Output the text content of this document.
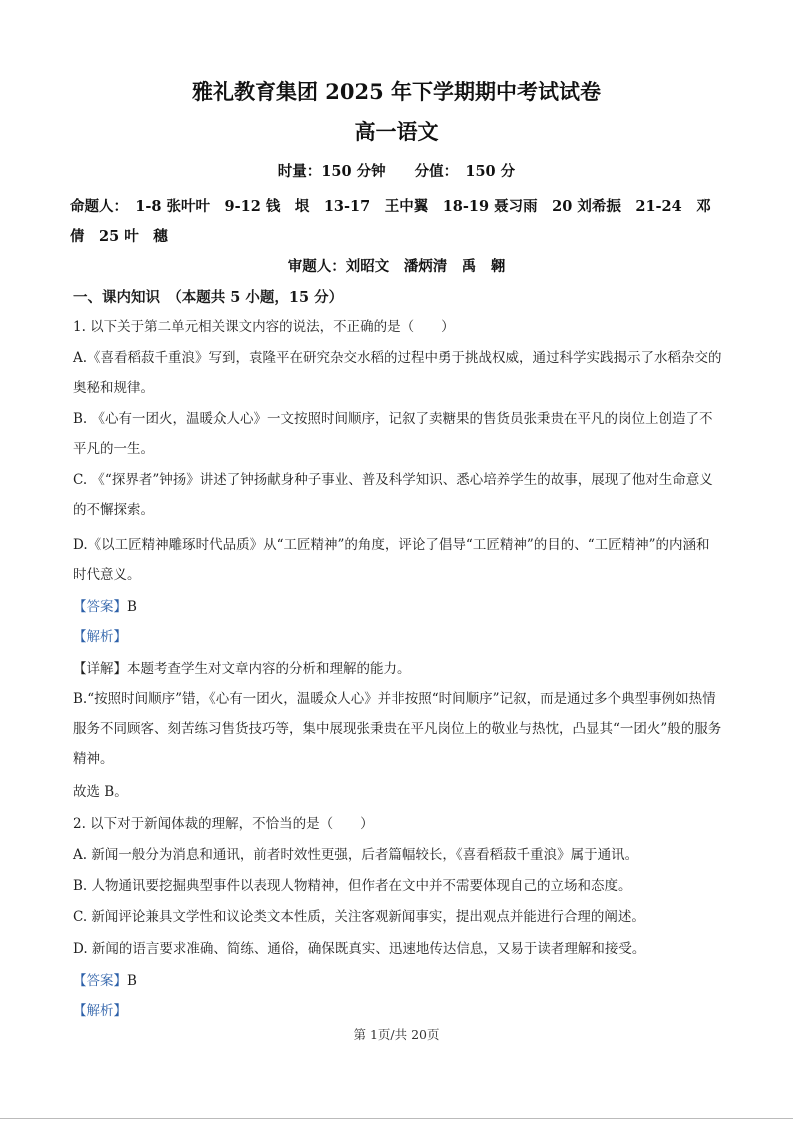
雅礼教育集团 2025 年下学期期中考试试卷
高一语文
时量：150 分钟　　分值：　150 分
命题人：　1-8 张叶叶　9-12 钱　垠　13-17　王中翼　18-19 聂习雨　20 刘希振　21-24　邓　倩　25 叶　穗
审题人：刘昭文　潘炳清　禹　翱
一、课内知识　（本题共 5 小题，15 分）

1. 以下关于第二单元相关课文内容的说法，不正确的是（　　）

A.《喜看稻菽千重浪》写到，袁隆平在研究杂交水稻的过程中勇于挑战权威，通过科学实践揭示了水稻杂交的奥秘和规律。

B. 《心有一团火，温暖众人心》一文按照时间顺序，记叙了卖糖果的售货员张秉贵在平凡的岗位上创造了不平凡的一生。

C. 《“探界者”钟扬》讲述了钟扬献身种子事业、普及科学知识、悉心培养学生的故事，展现了他对生命意义的不懈探索。

D.《以工匠精神雕琢时代品质》从“工匠精神”的角度，评论了倡导“工匠精神”的目的、“工匠精神”的内涵和时代意义。

【答案】B

【解析】

【详解】本题考查学生对文章内容的分析和理解的能力。

B.“按照时间顺序”错，《心有一团火，温暖众人心》并非按照“时间顺序”记叙，而是通过多个典型事例如热情服务不同顾客、刻苦练习售货技巧等，集中展现张秉贵在平凡岗位上的敬业与热忱，凸显其“一团火”般的服务精神。

故选 B。

2. 以下对于新闻体裁的理解，不恰当的是（　　）

A. 新闻一般分为消息和通讯，前者时效性更强，后者篇幅较长，《喜看稻菽千重浪》属于通讯。

B. 人物通讯要挖掘典型事件以表现人物精神，但作者在文中并不需要体现自己的立场和态度。

C. 新闻评论兼具文学性和议论类文本性质，关注客观新闻事实，提出观点并能进行合理的阐述。

D. 新闻的语言要求准确、简练、通俗，确保既真实、迅速地传达信息，又易于读者理解和接受。

【答案】B

【解析】

第 1页/共 20页
